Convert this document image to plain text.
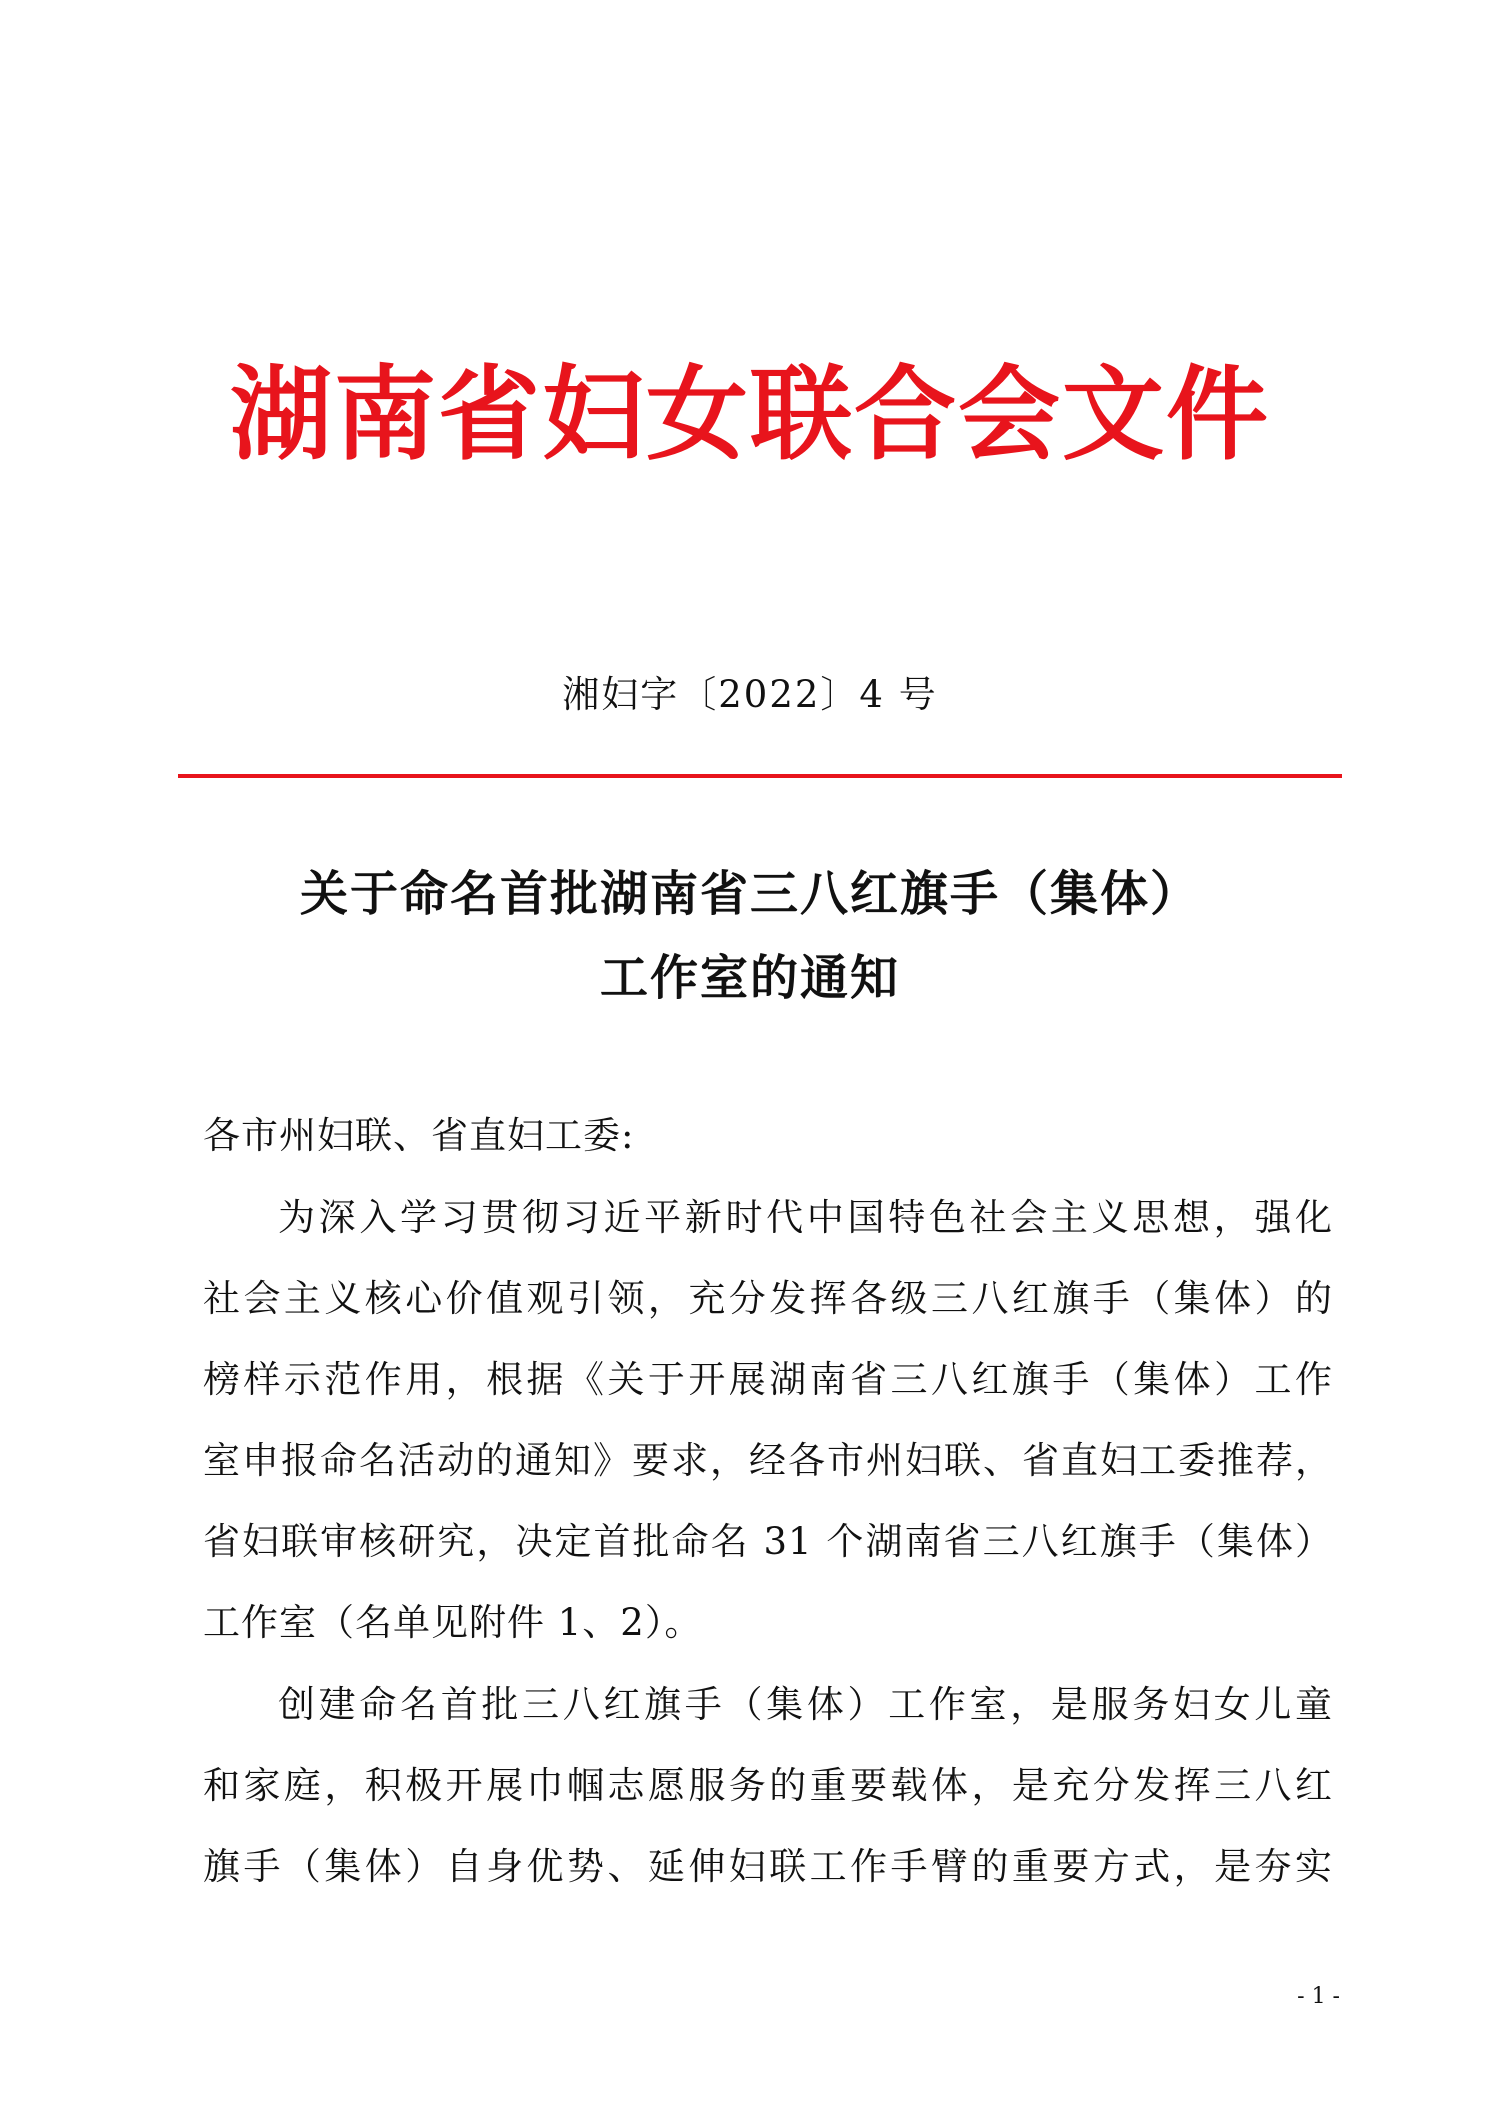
湖南省妇女联合会文件
湘妇字〔2022〕4 号
关于命名首批湖南省三八红旗手（集体）
工作室的通知
各市州妇联、省直妇工委:
为深入学习贯彻习近平新时代中国特色社会主义思想，强化
社会主义核心价值观引领，充分发挥各级三八红旗手（集体）的
榜样示范作用，根据《关于开展湖南省三八红旗手（集体）工作
室申报命名活动的通知》要求，经各市州妇联、省直妇工委推荐，
省妇联审核研究，决定首批命名 31 个湖南省三八红旗手（集体）
工作室（名单见附件 1、2）。
创建命名首批三八红旗手（集体）工作室，是服务妇女儿童
和家庭，积极开展巾帼志愿服务的重要载体，是充分发挥三八红
旗手（集体）自身优势、延伸妇联工作手臂的重要方式，是夯实
- 1 -
